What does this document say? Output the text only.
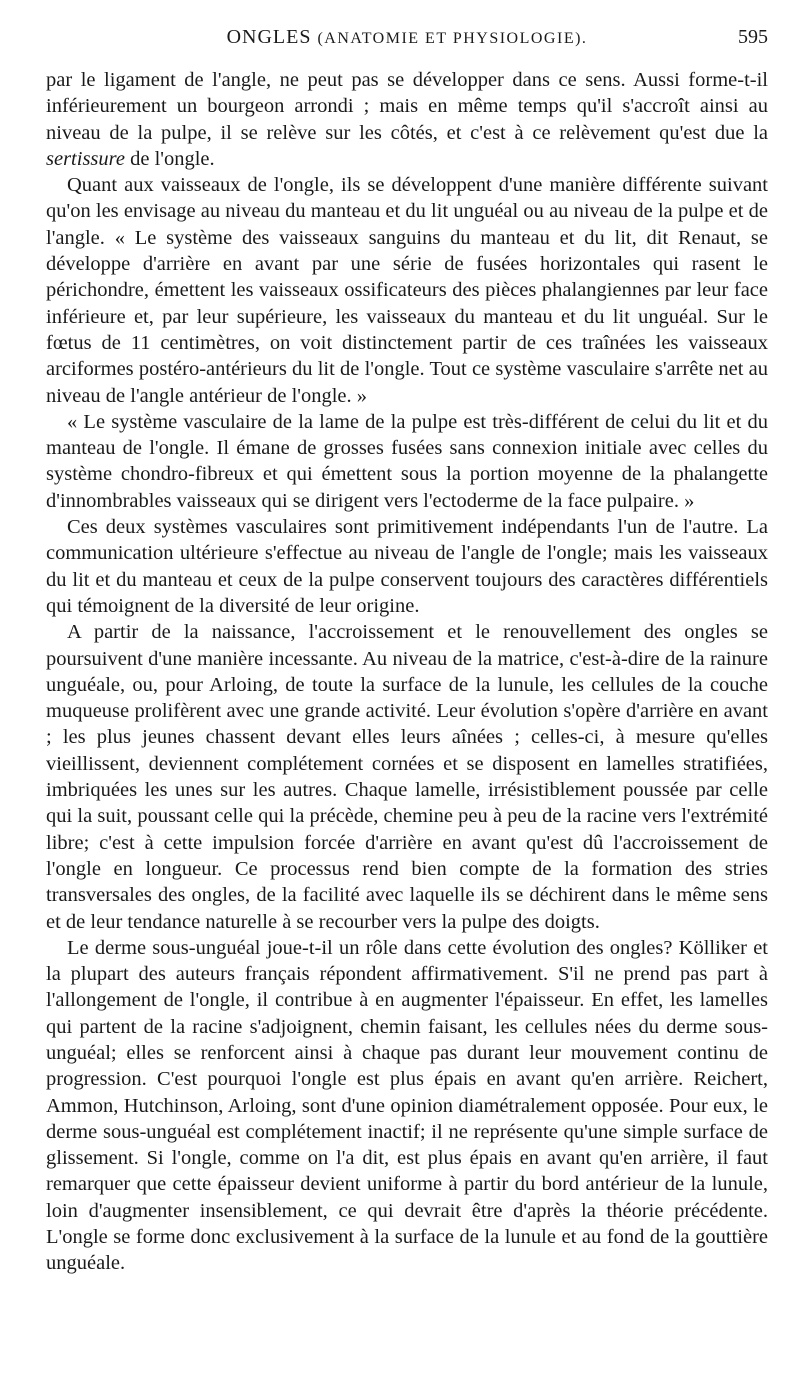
ONGLES (ANATOMIE ET PHYSIOLOGIE).	595

par le ligament de l'angle, ne peut pas se développer dans ce sens. Aussi forme-t-il inférieurement un bourgeon arrondi ; mais en même temps qu'il s'accroît ainsi au niveau de la pulpe, il se relève sur les côtés, et c'est à ce relèvement qu'est due la sertissure de l'ongle.

Quant aux vaisseaux de l'ongle, ils se développent d'une manière différente suivant qu'on les envisage au niveau du manteau et du lit unguéal ou au niveau de la pulpe et de l'angle. « Le système des vaisseaux sanguins du manteau et du lit, dit Renaut, se développe d'arrière en avant par une série de fusées horizontales qui rasent le périchondre, émettent les vaisseaux ossificateurs des pièces phalangiennes par leur face inférieure et, par leur supérieure, les vaisseaux du manteau et du lit unguéal. Sur le fœtus de 11 centimètres, on voit distinctement partir de ces traînées les vaisseaux arciformes postéro-antérieurs du lit de l'ongle. Tout ce système vasculaire s'arrête net au niveau de l'angle antérieur de l'ongle. »

« Le système vasculaire de la lame de la pulpe est très-différent de celui du lit et du manteau de l'ongle. Il émane de grosses fusées sans connexion initiale avec celles du système chondro-fibreux et qui émettent sous la portion moyenne de la phalangette d'innombrables vaisseaux qui se dirigent vers l'ectoderme de la face pulpaire. »

Ces deux systèmes vasculaires sont primitivement indépendants l'un de l'autre. La communication ultérieure s'effectue au niveau de l'angle de l'ongle; mais les vaisseaux du lit et du manteau et ceux de la pulpe conservent toujours des caractères différentiels qui témoignent de la diversité de leur origine.

A partir de la naissance, l'accroissement et le renouvellement des ongles se poursuivent d'une manière incessante. Au niveau de la matrice, c'est-à-dire de la rainure unguéale, ou, pour Arloing, de toute la surface de la lunule, les cellules de la couche muqueuse prolifèrent avec une grande activité. Leur évolution s'opère d'arrière en avant ; les plus jeunes chassent devant elles leurs aînées ; celles-ci, à mesure qu'elles vieillissent, deviennent complétement cornées et se disposent en lamelles stratifiées, imbriquées les unes sur les autres. Chaque lamelle, irrésistiblement poussée par celle qui la suit, poussant celle qui la précède, chemine peu à peu de la racine vers l'extrémité libre; c'est à cette impulsion forcée d'arrière en avant qu'est dû l'accroissement de l'ongle en longueur. Ce processus rend bien compte de la formation des stries transversales des ongles, de la facilité avec laquelle ils se déchirent dans le même sens et de leur tendance naturelle à se recourber vers la pulpe des doigts.

Le derme sous-unguéal joue-t-il un rôle dans cette évolution des ongles? Kölliker et la plupart des auteurs français répondent affirmativement. S'il ne prend pas part à l'allongement de l'ongle, il contribue à en augmenter l'épaisseur. En effet, les lamelles qui partent de la racine s'adjoignent, chemin faisant, les cellules nées du derme sous-unguéal; elles se renforcent ainsi à chaque pas durant leur mouvement continu de progression. C'est pourquoi l'ongle est plus épais en avant qu'en arrière. Reichert, Ammon, Hutchinson, Arloing, sont d'une opinion diamétralement opposée. Pour eux, le derme sous-unguéal est complétement inactif; il ne représente qu'une simple surface de glissement. Si l'ongle, comme on l'a dit, est plus épais en avant qu'en arrière, il faut remarquer que cette épaisseur devient uniforme à partir du bord antérieur de la lunule, loin d'augmenter insensiblement, ce qui devrait être d'après la théorie précédente. L'ongle se forme donc exclusivement à la surface de la lunule et au fond de la gouttière unguéale.
